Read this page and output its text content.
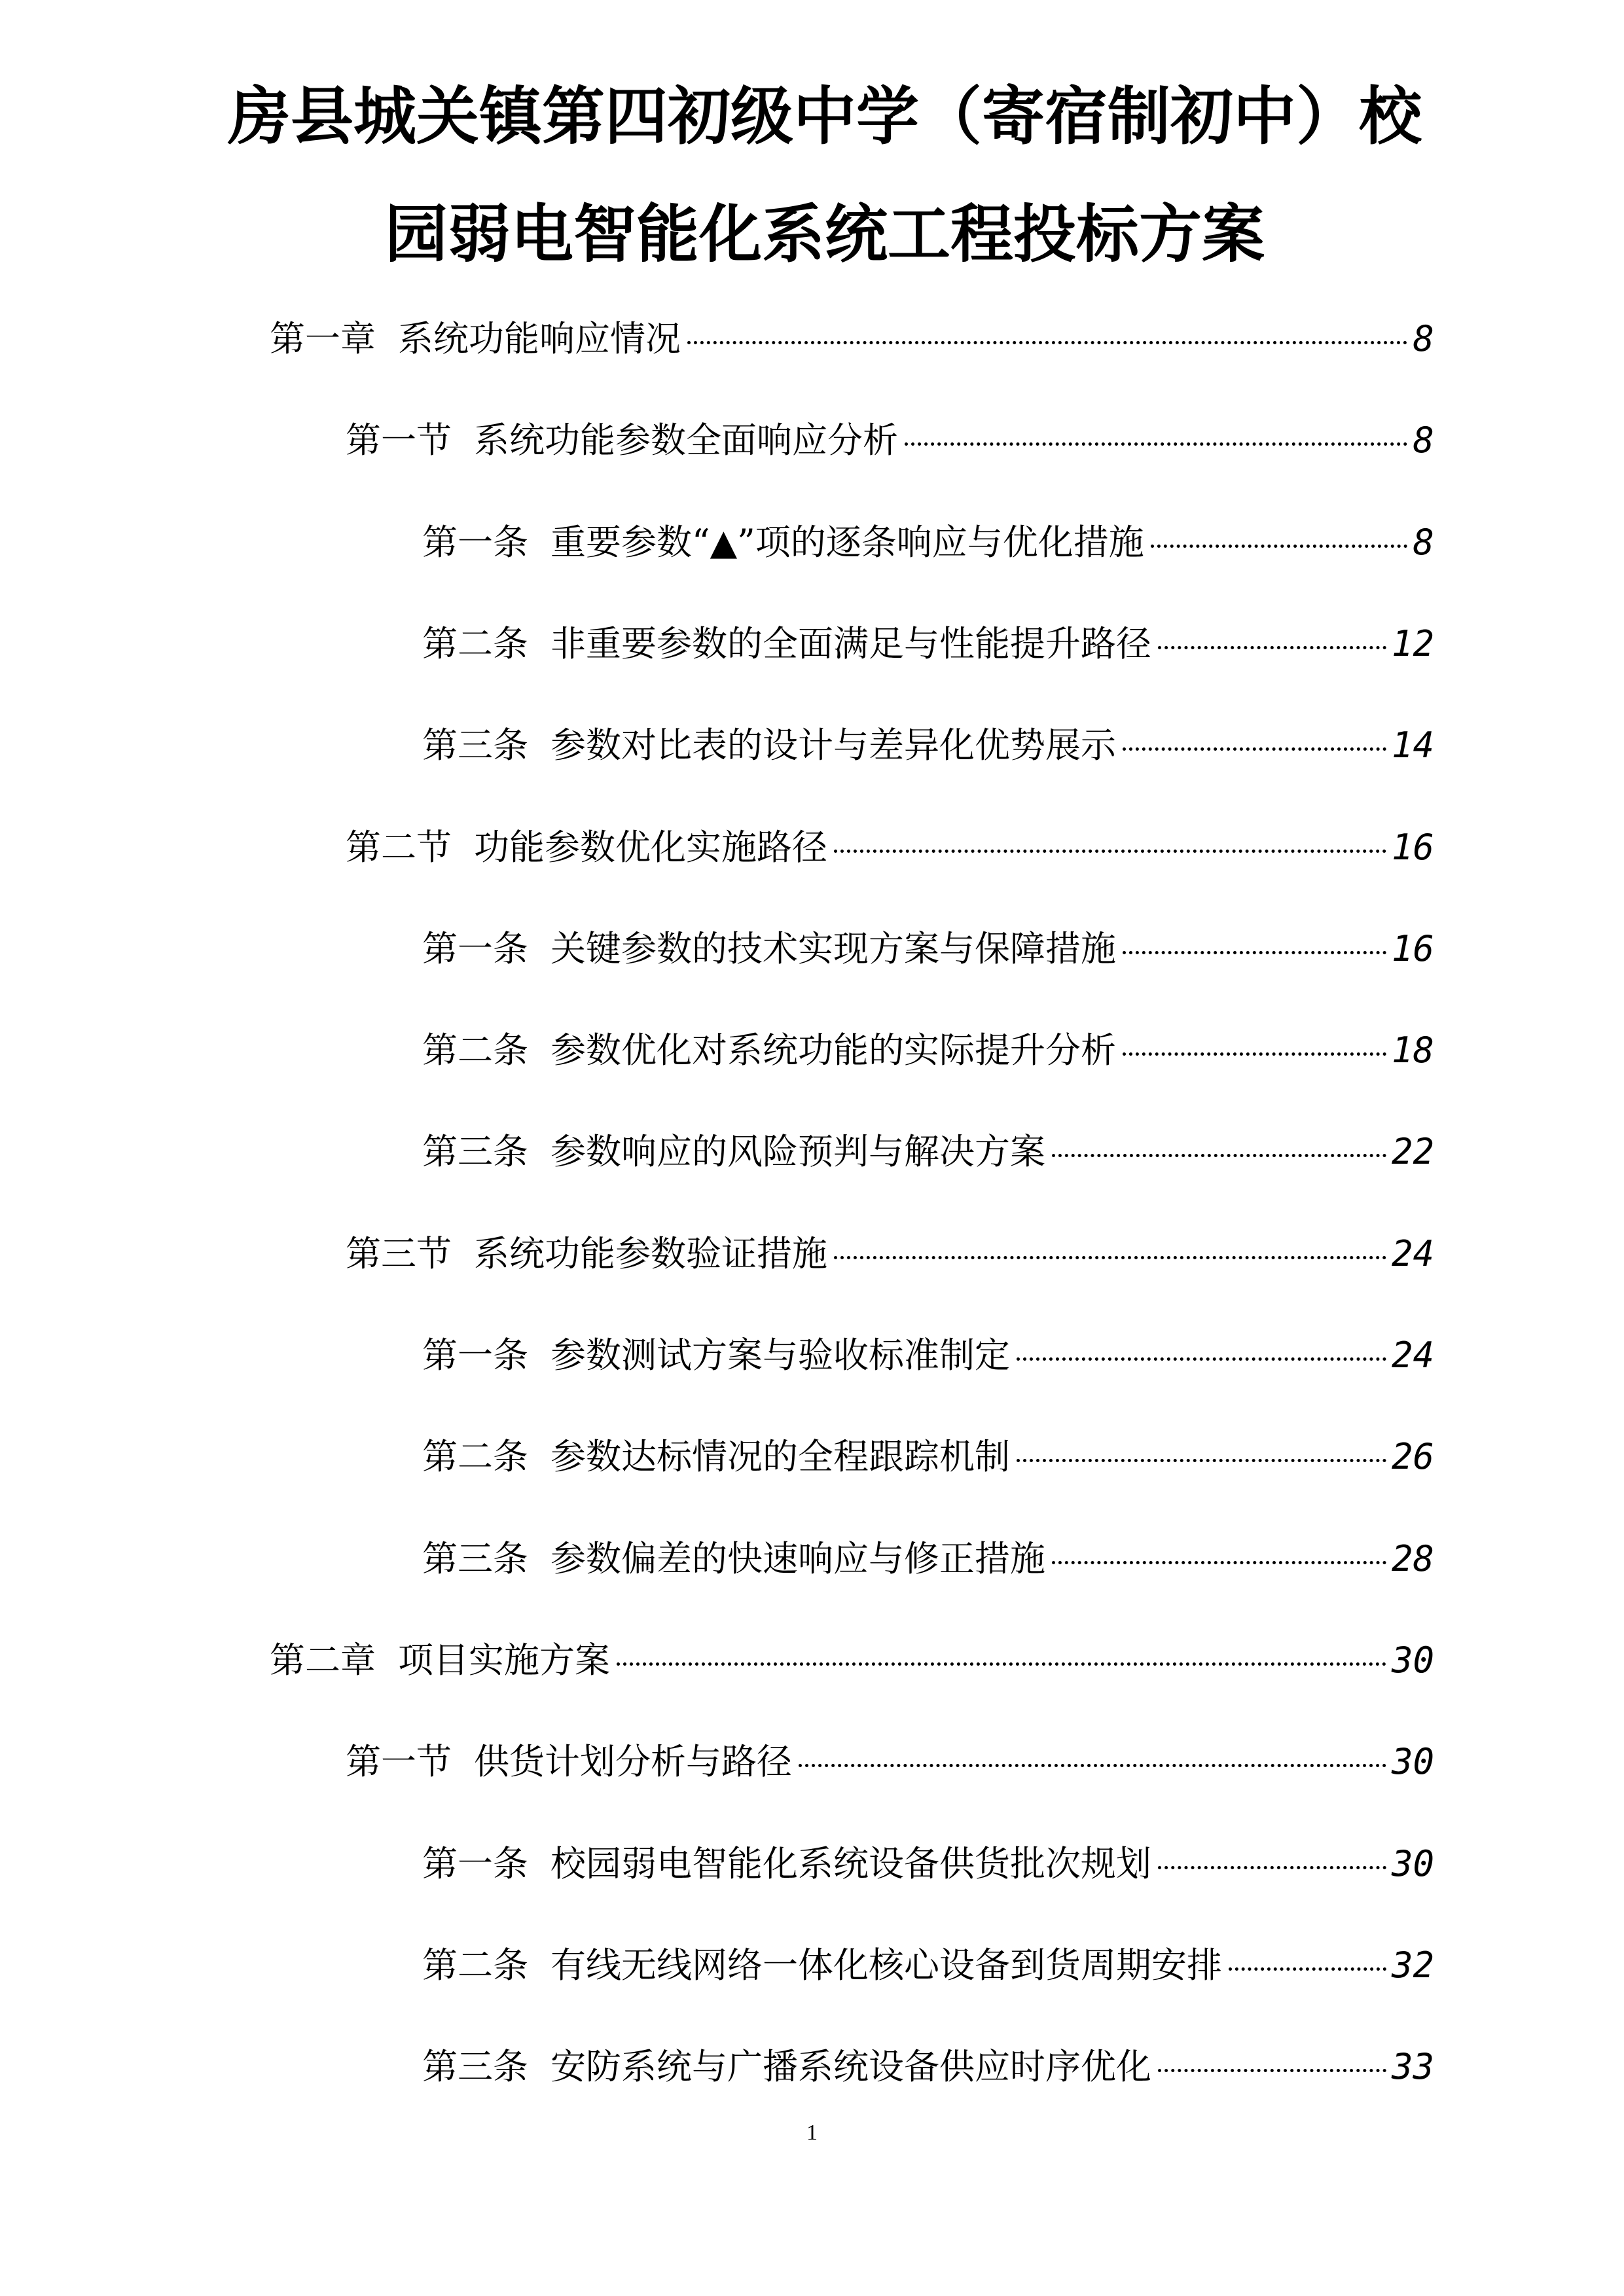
房县城关镇第四初级中学（寄宿制初中）校
园弱电智能化系统工程投标方案
第一章 系统功能响应情况	8
第一节 系统功能参数全面响应分析	8
第一条 重要参数“▲”项的逐条响应与优化措施	8
第二条 非重要参数的全面满足与性能提升路径	12
第三条 参数对比表的设计与差异化优势展示	14
第二节 功能参数优化实施路径	16
第一条 关键参数的技术实现方案与保障措施	16
第二条 参数优化对系统功能的实际提升分析	18
第三条 参数响应的风险预判与解决方案	22
第三节 系统功能参数验证措施	24
第一条 参数测试方案与验收标准制定	24
第二条 参数达标情况的全程跟踪机制	26
第三条 参数偏差的快速响应与修正措施	28
第二章 项目实施方案	30
第一节 供货计划分析与路径	30
第一条 校园弱电智能化系统设备供货批次规划	30
第二条 有线无线网络一体化核心设备到货周期安排	32
第三条 安防系统与广播系统设备供应时序优化	33
1
